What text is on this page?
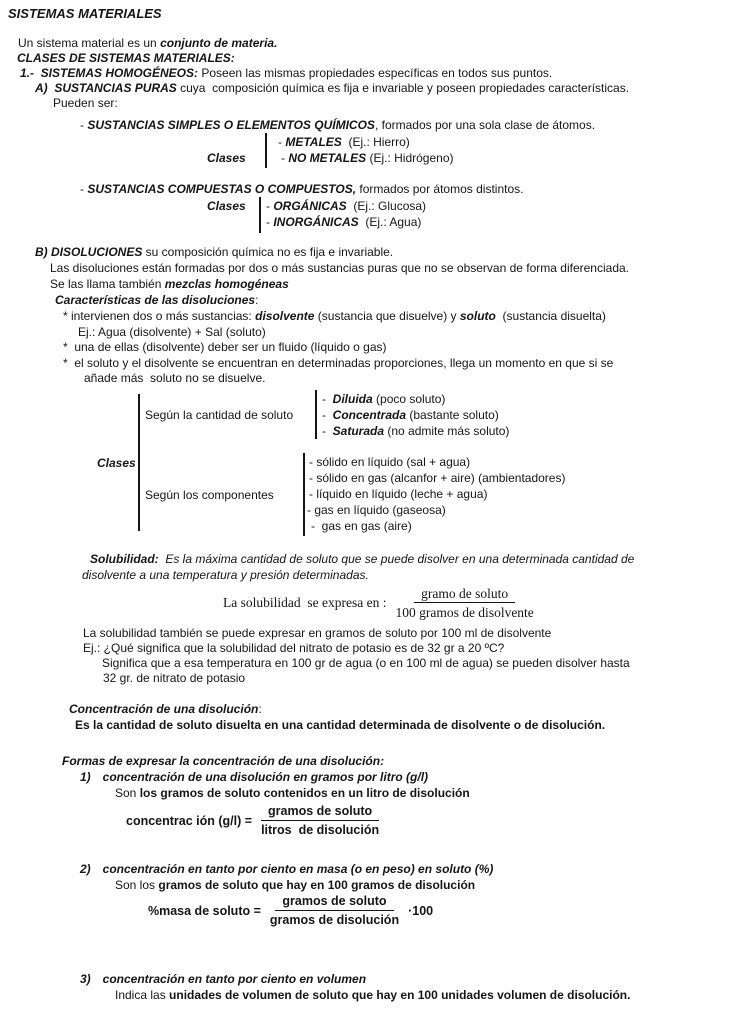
SISTEMAS MATERIALES
Un sistema material es un conjunto de materia.
CLASES DE SISTEMAS MATERIALES:
1.-  SISTEMAS HOMOGÉNEOS: Poseen las mismas propiedades específicas en todos sus puntos.
A)  SUSTANCIAS PURAS cuya  composición química es fija e invariable y poseen propiedades características.
Pueden ser:
- SUSTANCIAS SIMPLES O ELEMENTOS QUÍMICOS, formados por una sola clase de átomos.
- METALES  (Ej.: Hierro)
Clases	- NO METALES (Ej.: Hidrógeno)
- SUSTANCIAS COMPUESTAS O COMPUESTOS, formados por átomos distintos.
Clases - ORGÁNICAS  (Ej.: Glucosa)
- INORGÁNICAS  (Ej.: Agua)
B) DISOLUCIONES su composición química no es fija e invariable.
Las disoluciones están formadas por dos o más sustancias puras que no se observan de forma diferenciada.
Se las llama también mezclas homogéneas
Características de las disoluciones:
* intervienen dos o más sustancias: disolvente (sustancia que disuelve) y soluto  (sustancia disuelta)
Ej.: Agua (disolvente) + Sal (soluto)
*  una de ellas (disolvente) deber ser un fluido (líquido o gas)
*  el soluto y el disolvente se encuentran en determinadas proporciones, llega un momento en que si se
añade más  soluto no se disuelve.
Clases
Según la cantidad de soluto
-  Diluida (poco soluto)
-  Concentrada (bastante soluto)
-  Saturada (no admite más soluto)
Según los componentes
- sólido en líquido (sal + agua)
- sólido en gas (alcanfor + aire) (ambientadores)
- líquido en líquido (leche + agua)
- gas en líquido (gaseosa)
-  gas en gas (aire)
Solubilidad:  Es la máxima cantidad de soluto que se puede disolver en una determinada cantidad de
disolvente a una temperatura y presión determinadas.
La solubilidad  se expresa en : $\frac{\text{gramo de soluto}}{\text{100 gramos de disolvente}}$
La solubilidad también se puede expresar en gramos de soluto por 100 ml de disolvente
Ej.: ¿Qué significa que la solubilidad del nitrato de potasio es de 32 gr a 20 ºC?
Significa que a esa temperatura en 100 gr de agua (o en 100 ml de agua) se pueden disolver hasta
32 gr. de nitrato de potasio
Concentración de una disolución:
Es la cantidad de soluto disuelta en una cantidad determinada de disolvente o de disolución.
Formas de expresar la concentración de una disolución:
1) concentración de una disolución en gramos por litro (g/l)
Son los gramos de soluto contenidos en un litro de disolución
concentrac ión $(g/l) = \frac{\text{gramos de soluto}}{\text{litros  de disolución}}$
2) concentración en tanto por ciento en masa (o en peso) en soluto (%)
Son los gramos de soluto que hay en 100 gramos de disolución
%masa de soluto = $\frac{\text{gramos de soluto}}{\text{gramos de disolución}} \cdot 100$
3) concentración en tanto por ciento en volumen
Indica las unidades de volumen de soluto que hay en 100 unidades volumen de disolución.
